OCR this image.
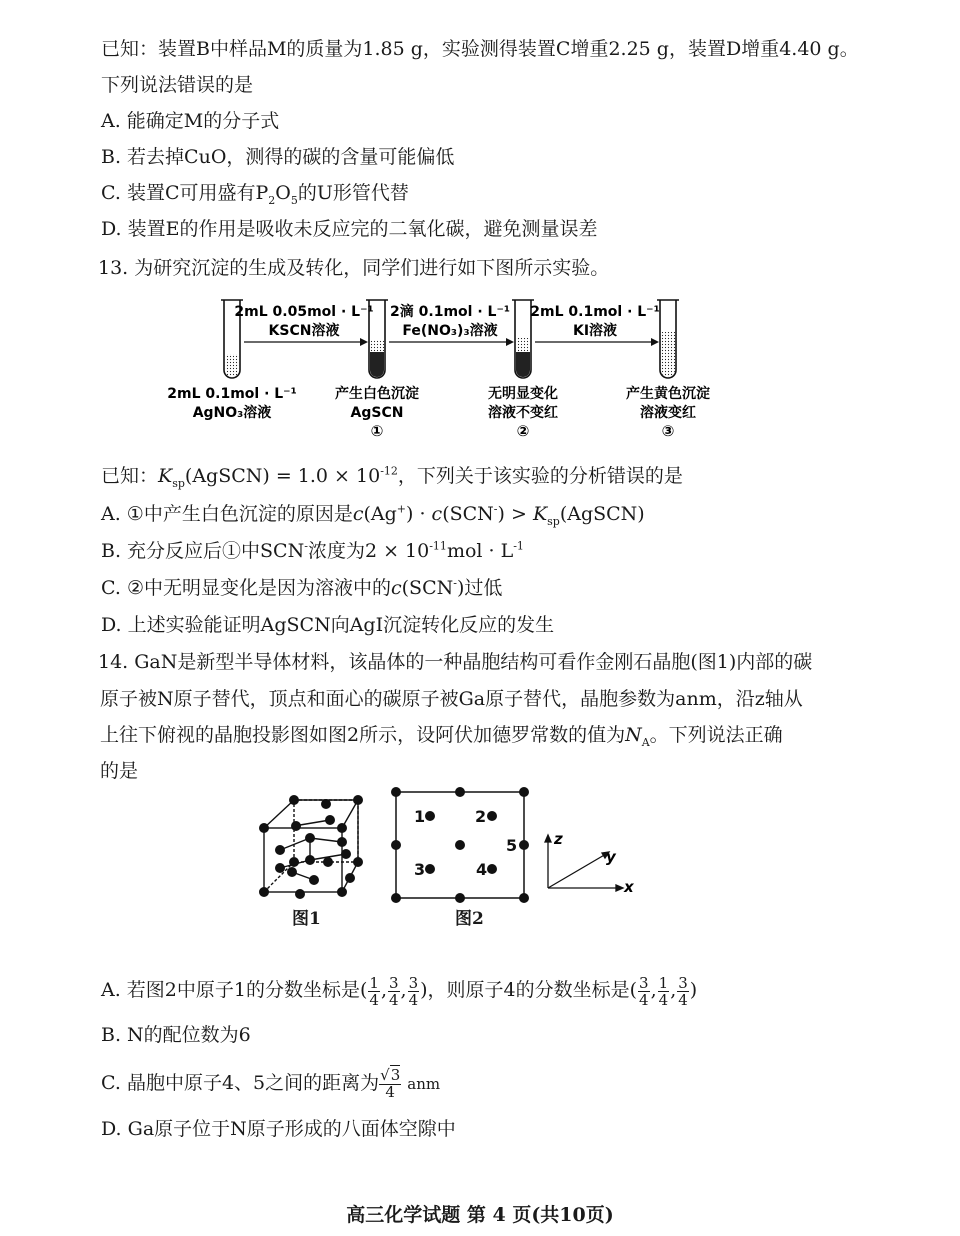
已知：装置B中样品M的质量为1.85 g，实验测得装置C增重2.25 g，装置D增重4.40 g。
下列说法错误的是
A. 能确定M的分子式
B. 若去掉CuO，测得的碳的含量可能偏低
C. 装置C可用盛有$P_2O_5$的U形管代替
D. 装置E的作用是吸收未反应完的二氧化碳，避免测量误差
13. 为研究沉淀的生成及转化，同学们进行如下图所示实验。
2mL 0.05mol · L⁻¹
KSCN溶液
2滴 0.1mol · L⁻¹
Fe(NO₃)₃溶液
2mL 0.1mol · L⁻¹
KI溶液
2mL 0.1mol · L⁻¹
AgNO₃溶液
产生白色沉淀
AgSCN
①
无明显变化
溶液不变红
②
产生黄色沉淀
溶液变红
③
已知：$K_{sp}(AgSCN) = 1.0 \times 10^{-12}$，下列关于该实验的分析错误的是
A. ①中产生白色沉淀的原因是$c(Ag^+) \cdot c(SCN^-) > K_{sp}(AgSCN)$
B. 充分反应后①中SCN-浓度为$2 \times 10^{-11}mol \cdot L^{-1}$
C. ②中无明显变化是因为溶液中的c(SCN-)过低
D. 上述实验能证明AgSCN向AgI沉淀转化反应的发生
14. GaN是新型半导体材料，该晶体的一种晶胞结构可看作金刚石晶胞(图1)内部的碳
原子被N原子替代，顶点和面心的碳原子被Ga原子替代，晶胞参数为anm，沿z轴从
上往下俯视的晶胞投影图如图2所示，设阿伏加德罗常数的值为$N_A$。下列说法正确
的是
图1
1	2
3	4
5 z
y
x
图2
A. 若图2中原子1的分数坐标是( $\frac{1}{4}$ , $\frac{3}{4}$ , $\frac{3}{4}$ )，则原子4的分数坐标是( $\frac{3}{4}$ , $\frac{1}{4}$ , $\frac{3}{4}$ )
B. N的配位数为6
C. 晶胞中原子4、5之间的距离为$\frac{√3}{4}$ anm
D. Ga原子位于N原子形成的八面体空隙中
高三化学试题 第 4 页(共10页)
